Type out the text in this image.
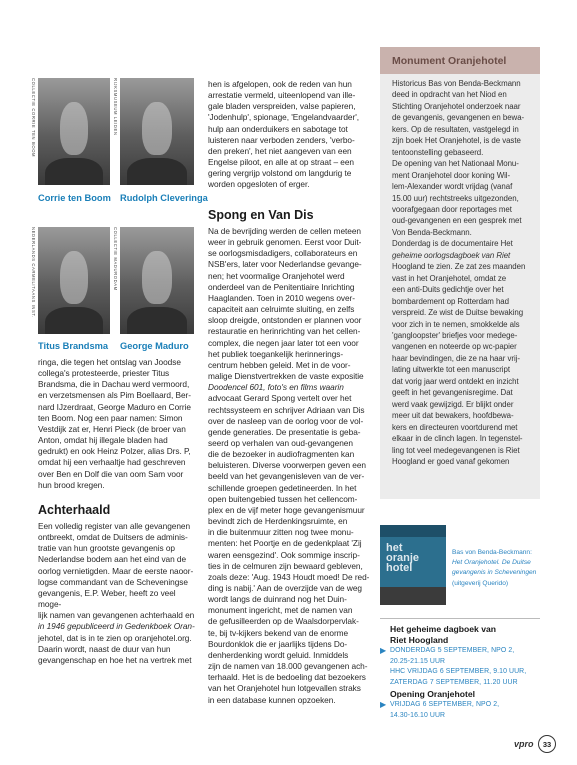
COLLECTIE CORRIE TEN BOOM	RIJKSMUSEUM LEIDEN
NEDERLANDS CARMELITAANS INST.	COLLECTIE MADURODAM
Corrie ten Boom Rudolph Cleveringa
Titus Brandsma George Maduro

ringa, die tegen het ontslag van Joodse

collega's protesteerde, priester Titus

Brandsma, die in Dachau werd vermoord,

en verzetsmensen als Pim Boellaard, Ber-

nard IJzerdraat, George Maduro en Corrie

ten Boom. Nog een paar namen: Simon

Vestdijk zat er, Henri Pieck (de broer van

Anton, omdat hij illegale bladen had

gedrukt) en ook Heinz Polzer, alias Drs. P,

omdat hij een verhaaltje had geschreven

over Ben en Dolf die van oom Sam voor

hun brood kregen.

Achterhaald

Een volledig register van alle gevangenen

ontbreekt, omdat de Duitsers de adminis-

tratie van hun grootste gevangenis op

Nederlandse bodem aan het eind van de

oorlog vernietigden. Maar de eerste naoor-

logse commandant van de Scheveningse

gevangenis, E.P. Weber, heeft zo veel moge-

lijk namen van gevangenen achterhaald en

in 1946 gepubliceerd in Gedenkboek Oran-

jehotel, dat is in te zien op oranjehotel.org.

Daarin wordt, naast de duur van hun

gevangenschap en hoe het na vertrek met

hen is afgelopen, ook de reden van hun

arrestatie vermeld, uiteenlopend van ille-

gale bladen verspreiden, valse papieren,

'Jodenhulp', spionage, 'Engelandvaarder',

hulp aan onderduikers en sabotage tot

luisteren naar verboden zenders, 'verbo-

den preken', het niet aangeven van een

Engelse piloot, en alle at op straat – een

gering vergrijp volstond om langdurig te

worden opgesloten of erger.

Spong en Van Dis

Na de bevrijding werden de cellen meteen

weer in gebruik genomen. Eerst voor Duit-

se oorlogsmisdadigers, collaborateurs en

NSB'ers, later voor Nederlandse gevange-

nen; het voormalige Oranjehotel werd

onderdeel van de Penitentiaire Inrichting

Haaglanden. Toen in 2010 wegens over-

capaciteit aan celruimte sluiting, en zelfs

sloop dreigde, ontstonden er plannen voor

restauratie en herinrichting van het cellen-

complex, die negen jaar later tot een voor

het publiek toegankelijk herinnerings-

centrum hebben geleid. Met in de voor-

malige Dienstvertrekken de vaste expositie

Doodencel 601, foto's en films waarin

advocaat Gerard Spong vertelt over het

rechtssysteem en schrijver Adriaan van Dis

over de nasleep van de oorlog voor de vol-

gende generaties. De presentatie is geba-

seerd op verhalen van oud-gevangenen

die de bezoeker in audiofragmenten kan

beluisteren. Diverse voorwerpen geven een

beeld van het gevangenisleven van de ver-

schillende groepen gedetineerden. In het

open buitengebied tussen het cellencom-

plex en de vijf meter hoge gevangenismuur

bevindt zich de Herdenkingsruimte, en

in die buitenmuur zitten nog twee monu-

menten: het Poortje en de gedenkplaat 'Zij

waren eensgezind'. Ook sommige inscrip-

ties in de celmuren zijn bewaard gebleven,

zoals deze: 'Aug. 1943 Houdt moed! De red-

ding is nabij.' Aan de overzijde van de weg

wordt langs de duinrand nog het Duin-

monument ingericht, met de namen van

de gefusilleerden op de Waalsdorpervlak-

te, bij tv-kijkers bekend van de enorme

Bourdonklok die er jaarlijks tijdens Do-

denherdenking wordt geluid. Inmiddels

zijn de namen van 18.000 gevangenen ach-

terhaald. Het is de bedoeling dat bezoekers

van het Oranjehotel hun lotgevallen straks

in een database kunnen opzoeken.

Monument Oranjehotel

Historicus Bas von Benda-Beckmann

deed in opdracht van het Niod en

Stichting Oranjehotel onderzoek naar

de gevangenis, gevangenen en bewa-

kers. Op de resultaten, vastgelegd in

zijn boek Het Oranjehotel, is de vaste

tentoonstelling gebaseerd.

De opening van het Nationaal Monu-

ment Oranjehotel door koning Wil-

lem-Alexander wordt vrijdag (vanaf

15.00 uur) rechtstreeks uitgezonden,

voorafgegaan door reportages met

oud-gevangenen en een gesprek met

Von Benda-Beckmann.

Donderdag is de documentaire Het

geheime oorlogsdagboek van Riet

Hoogland te zien. Ze zat zes maanden

vast in het Oranjehotel, omdat ze

een anti-Duits gedichtje over het

bombardement op Rotterdam had

verspreid. Ze wist de Duitse bewaking

voor zich in te nemen, smokkelde als

'gangloopster' briefjes voor medege-

vangenen en noteerde op wc-papier

haar bevindingen, die ze na haar vrij-

lating uitwerkte tot een manuscript

dat vorig jaar werd ontdekt en inzicht

geeft in het gevangenisregime. Dat

werd vaak gewijzigd. Er blijkt onder

meer uit dat bewakers, hoofdbewa-

kers en directeuren voortdurend met

elkaar in de clinch lagen. In tegenstel-

ling tot veel medegevangenen is Riet

Hoogland er goed vanaf gekomen

het

oranje

hotel

Bas von Benda-Beckmann:

Het Oranjehotel. De Duitse

gevangenis in Scheveningen

(uitgeverij Querido)

Het geheime dagboek van
Riet Hoogland
▶ DONDERDAG 5 SEPTEMBER, NPO 2,
20.25-21.15 UUR
HHC VRIJDAG 6 SEPTEMBER, 9.10 UUR,
ZATERDAG 7 SEPTEMBER, 11.20 UUR
Opening Oranjehotel
▶ VRIJDAG 6 SEPTEMBER, NPO 2,
14.30-16.10 UUR
vpro 33
